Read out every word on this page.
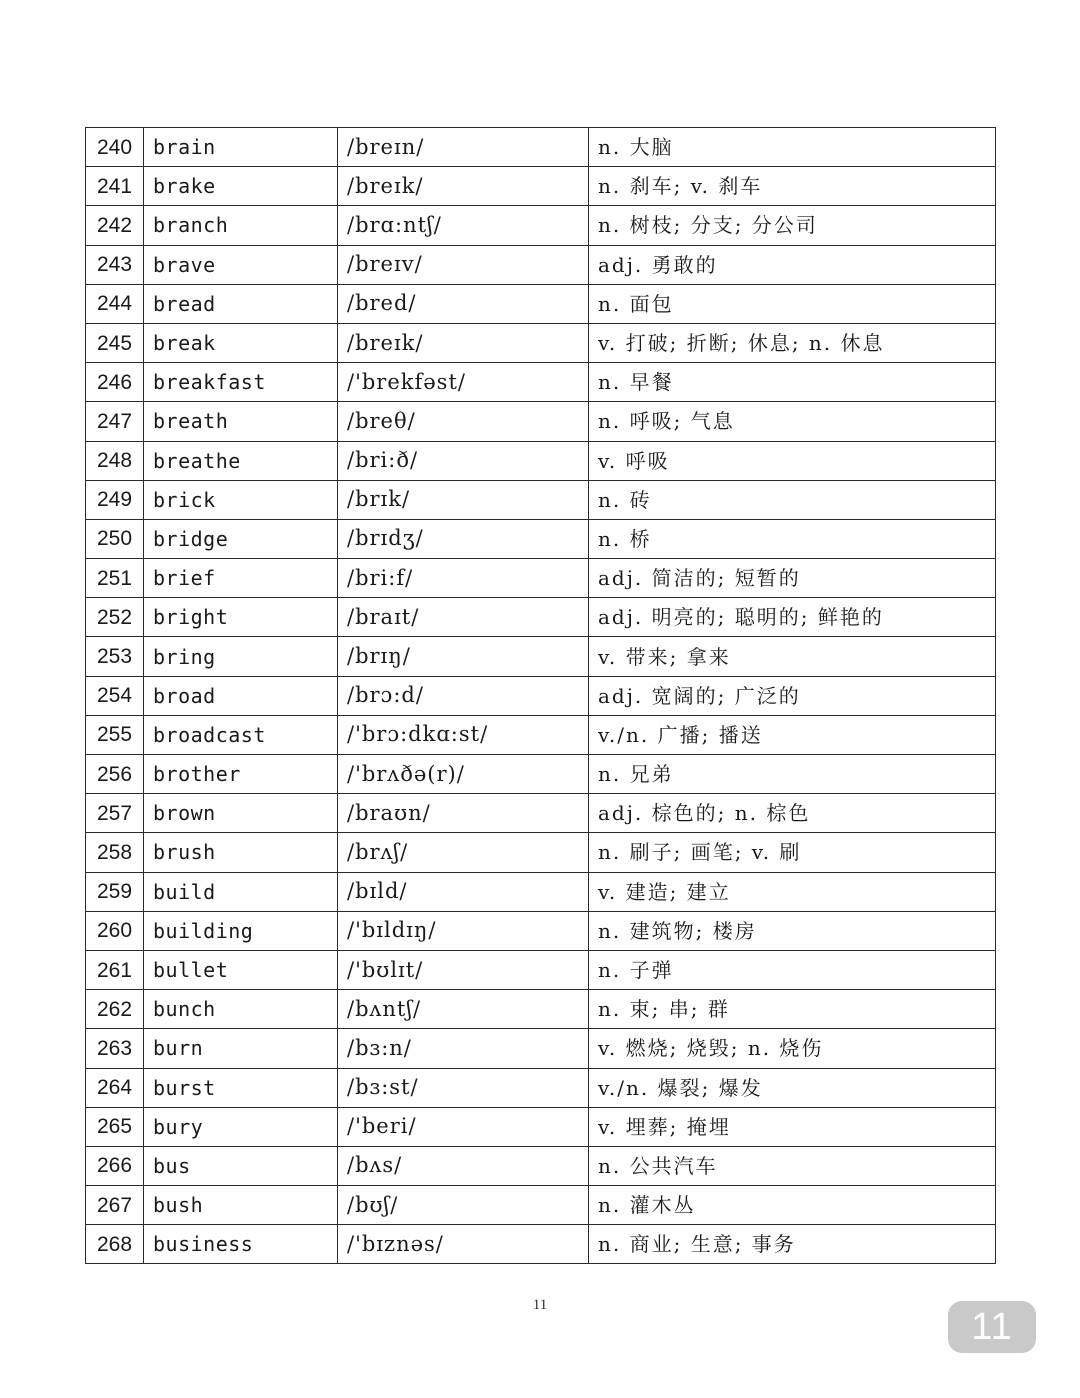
240	brain	/breɪn/	n. 大脑
241	brake	/breɪk/	n. 刹车; v. 刹车
242	branch	/brɑ:ntʃ/	n. 树枝; 分支; 分公司
243	brave	/breɪv/	adj. 勇敢的
244	bread	/bred/	n. 面包
245	break	/breɪk/	v. 打破; 折断; 休息; n. 休息
246	breakfast	/'brekfəst/	n. 早餐
247	breath	/breθ/	n. 呼吸; 气息
248	breathe	/bri:ð/	v. 呼吸
249	brick	/brɪk/	n. 砖
250	bridge	/brɪdʒ/	n. 桥
251	brief	/bri:f/	adj. 简洁的; 短暂的
252	bright	/braɪt/	adj. 明亮的; 聪明的; 鲜艳的
253	bring	/brɪŋ/	v. 带来; 拿来
254	broad	/brɔ:d/	adj. 宽阔的; 广泛的
255	broadcast	/'brɔ:dkɑ:st/	v./n. 广播; 播送
256	brother	/'brʌðə(r)/	n. 兄弟
257	brown	/braʊn/	adj. 棕色的; n. 棕色
258	brush	/brʌʃ/	n. 刷子; 画笔; v. 刷
259	build	/bɪld/	v. 建造; 建立
260	building	/'bɪldɪŋ/	n. 建筑物; 楼房
261	bullet	/'bʊlɪt/	n. 子弹
262	bunch	/bʌntʃ/	n. 束; 串; 群
263	burn	/bɜ:n/	v. 燃烧; 烧毁; n. 烧伤
264	burst	/bɜ:st/	v./n. 爆裂; 爆发
265	bury	/'beri/	v. 埋葬; 掩埋
266	bus	/bʌs/	n. 公共汽车
267	bush	/bʊʃ/	n. 灌木丛
268	business	/'bɪznəs/	n. 商业; 生意; 事务
11
11
